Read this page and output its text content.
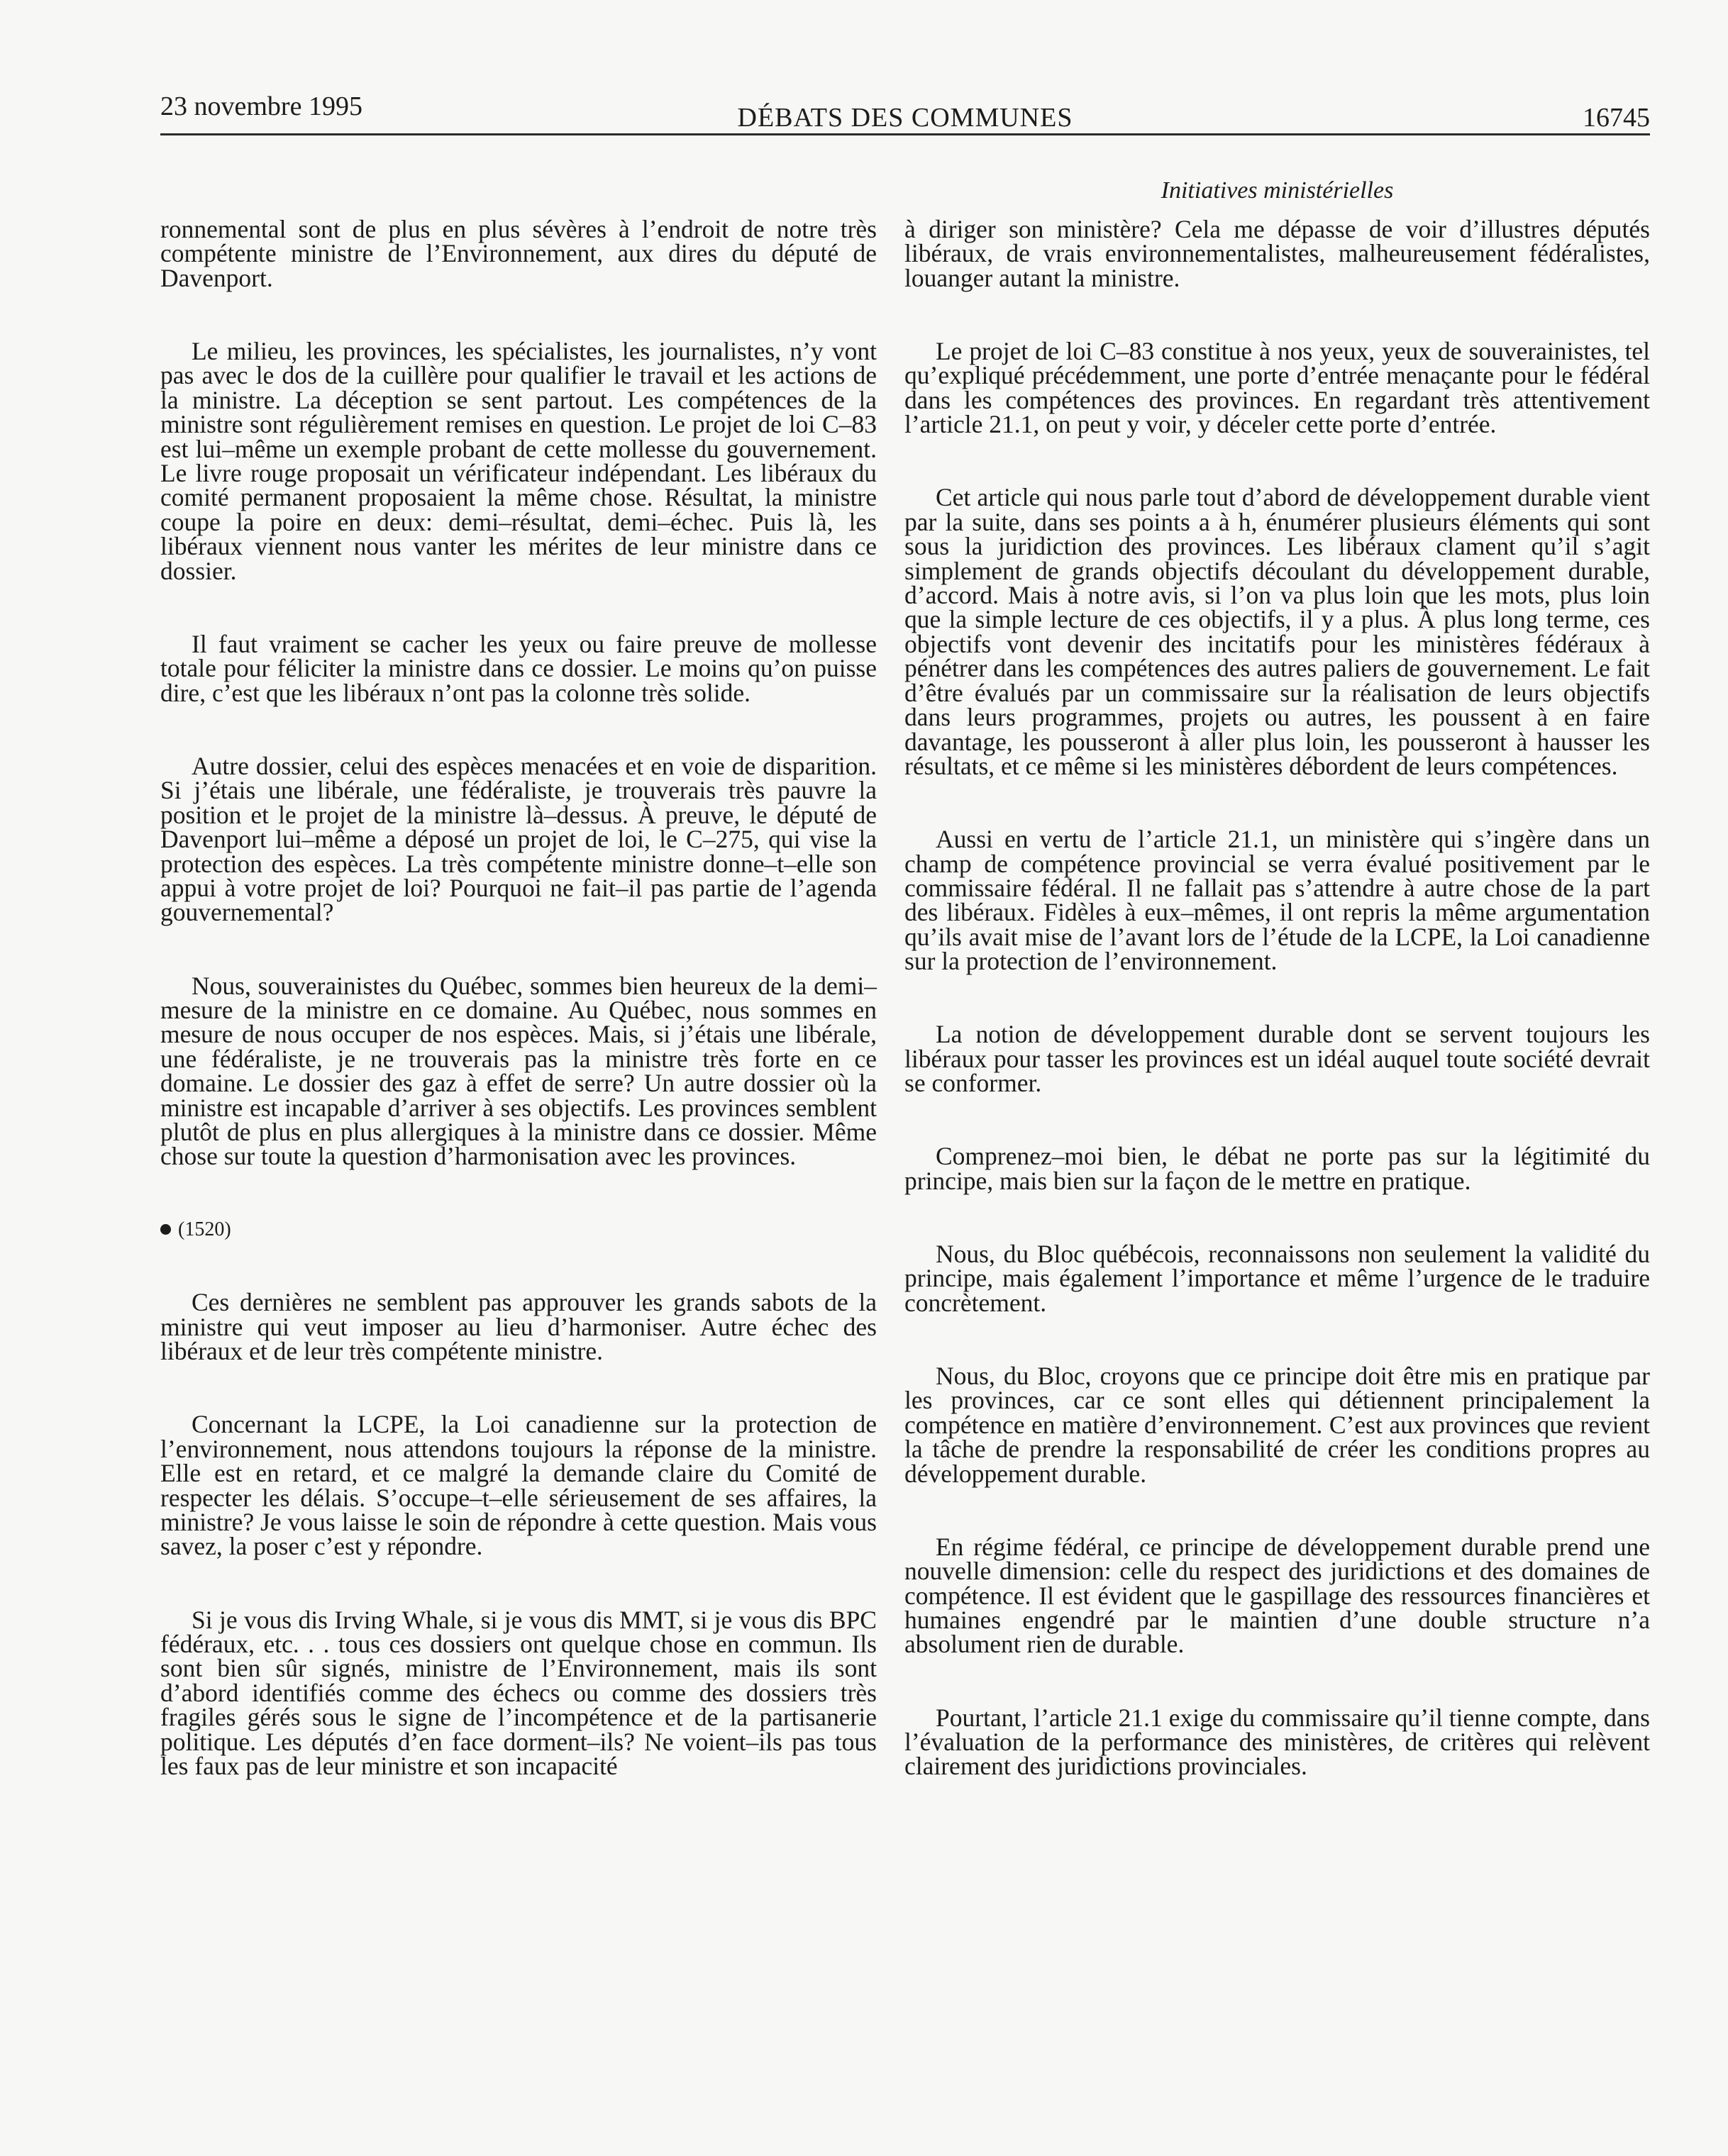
23 novembre 1995	DÉBATS DES COMMUNES	16745
Initiatives ministérielles

ronnemental sont de plus en plus sévères à l’endroit de notre très compétente ministre de l’Environnement, aux dires du député de Davenport.

Le milieu, les provinces, les spécialistes, les journalistes, n’y vont pas avec le dos de la cuillère pour qualifier le travail et les actions de la ministre. La déception se sent partout. Les compétences de la ministre sont régulièrement remises en question. Le projet de loi C–83 est lui–même un exemple probant de cette mollesse du gouvernement. Le livre rouge proposait un vérificateur indépendant. Les libéraux du comité permanent proposaient la même chose. Résultat, la ministre coupe la poire en deux: demi–résultat, demi–échec. Puis là, les libéraux viennent nous vanter les mérites de leur ministre dans ce dossier.

Il faut vraiment se cacher les yeux ou faire preuve de mollesse totale pour féliciter la ministre dans ce dossier. Le moins qu’on puisse dire, c’est que les libéraux n’ont pas la colonne très solide.

Autre dossier, celui des espèces menacées et en voie de disparition. Si j’étais une libérale, une fédéraliste, je trouverais très pauvre la position et le projet de la ministre là–dessus. À preuve, le député de Davenport lui–même a déposé un projet de loi, le C–275, qui vise la protection des espèces. La très compétente ministre donne–t–elle son appui à votre projet de loi? Pourquoi ne fait–il pas partie de l’agenda gouvernemental?

Nous, souverainistes du Québec, sommes bien heureux de la demi–mesure de la ministre en ce domaine. Au Québec, nous sommes en mesure de nous occuper de nos espèces. Mais, si j’étais une libérale, une fédéraliste, je ne trouverais pas la ministre très forte en ce domaine. Le dossier des gaz à effet de serre? Un autre dossier où la ministre est incapable d’arriver à ses objectifs. Les provinces semblent plutôt de plus en plus allergiques à la ministre dans ce dossier. Même chose sur toute la question d’harmonisation avec les provinces.

(1520)

Ces dernières ne semblent pas approuver les grands sabots de la ministre qui veut imposer au lieu d’harmoniser. Autre échec des libéraux et de leur très compétente ministre.

Concernant la LCPE, la Loi canadienne sur la protection de l’environnement, nous attendons toujours la réponse de la ministre. Elle est en retard, et ce malgré la demande claire du Comité de respecter les délais. S’occupe–t–elle sérieusement de ses affaires, la ministre? Je vous laisse le soin de répondre à cette question. Mais vous savez, la poser c’est y répondre.

Si je vous dis Irving Whale, si je vous dis MMT, si je vous dis BPC fédéraux, etc. . . tous ces dossiers ont quelque chose en commun. Ils sont bien sûr signés, ministre de l’Environnement, mais ils sont d’abord identifiés comme des échecs ou comme des dossiers très fragiles gérés sous le signe de l’incompétence et de la partisanerie politique. Les députés d’en face dorment–ils? Ne voient–ils pas tous les faux pas de leur ministre et son incapacité

à diriger son ministère? Cela me dépasse de voir d’illustres députés libéraux, de vrais environnementalistes, malheureusement fédéralistes, louanger autant la ministre.

Le projet de loi C–83 constitue à nos yeux, yeux de souverainistes, tel qu’expliqué précédemment, une porte d’entrée menaçante pour le fédéral dans les compétences des provinces. En regardant très attentivement l’article 21.1, on peut y voir, y déceler cette porte d’entrée.

Cet article qui nous parle tout d’abord de développement durable vient par la suite, dans ses points a à h, énumérer plusieurs éléments qui sont sous la juridiction des provinces. Les libéraux clament qu’il s’agit simplement de grands objectifs découlant du développement durable, d’accord. Mais à notre avis, si l’on va plus loin que les mots, plus loin que la simple lecture de ces objectifs, il y a plus. À plus long terme, ces objectifs vont devenir des incitatifs pour les ministères fédéraux à pénétrer dans les compétences des autres paliers de gouvernement. Le fait d’être évalués par un commissaire sur la réalisation de leurs objectifs dans leurs programmes, projets ou autres, les poussent à en faire davantage, les pousseront à aller plus loin, les pousseront à hausser les résultats, et ce même si les ministères débordent de leurs compétences.

Aussi en vertu de l’article 21.1, un ministère qui s’ingère dans un champ de compétence provincial se verra évalué positivement par le commissaire fédéral. Il ne fallait pas s’attendre à autre chose de la part des libéraux. Fidèles à eux–mêmes, il ont repris la même argumentation qu’ils avait mise de l’avant lors de l’étude de la LCPE, la Loi canadienne sur la protection de l’environnement.

La notion de développement durable dont se servent toujours les libéraux pour tasser les provinces est un idéal auquel toute société devrait se conformer.

Comprenez–moi bien, le débat ne porte pas sur la légitimité du principe, mais bien sur la façon de le mettre en pratique.

Nous, du Bloc québécois, reconnaissons non seulement la validité du principe, mais également l’importance et même l’urgence de le traduire concrètement.

Nous, du Bloc, croyons que ce principe doit être mis en pratique par les provinces, car ce sont elles qui détiennent principalement la compétence en matière d’environnement. C’est aux provinces que revient la tâche de prendre la responsabilité de créer les conditions propres au développement durable.

En régime fédéral, ce principe de développement durable prend une nouvelle dimension: celle du respect des juridictions et des domaines de compétence. Il est évident que le gaspillage des ressources financières et humaines engendré par le maintien d’une double structure n’a absolument rien de durable.

Pourtant, l’article 21.1 exige du commissaire qu’il tienne compte, dans l’évaluation de la performance des ministères, de critères qui relèvent clairement des juridictions provinciales.
